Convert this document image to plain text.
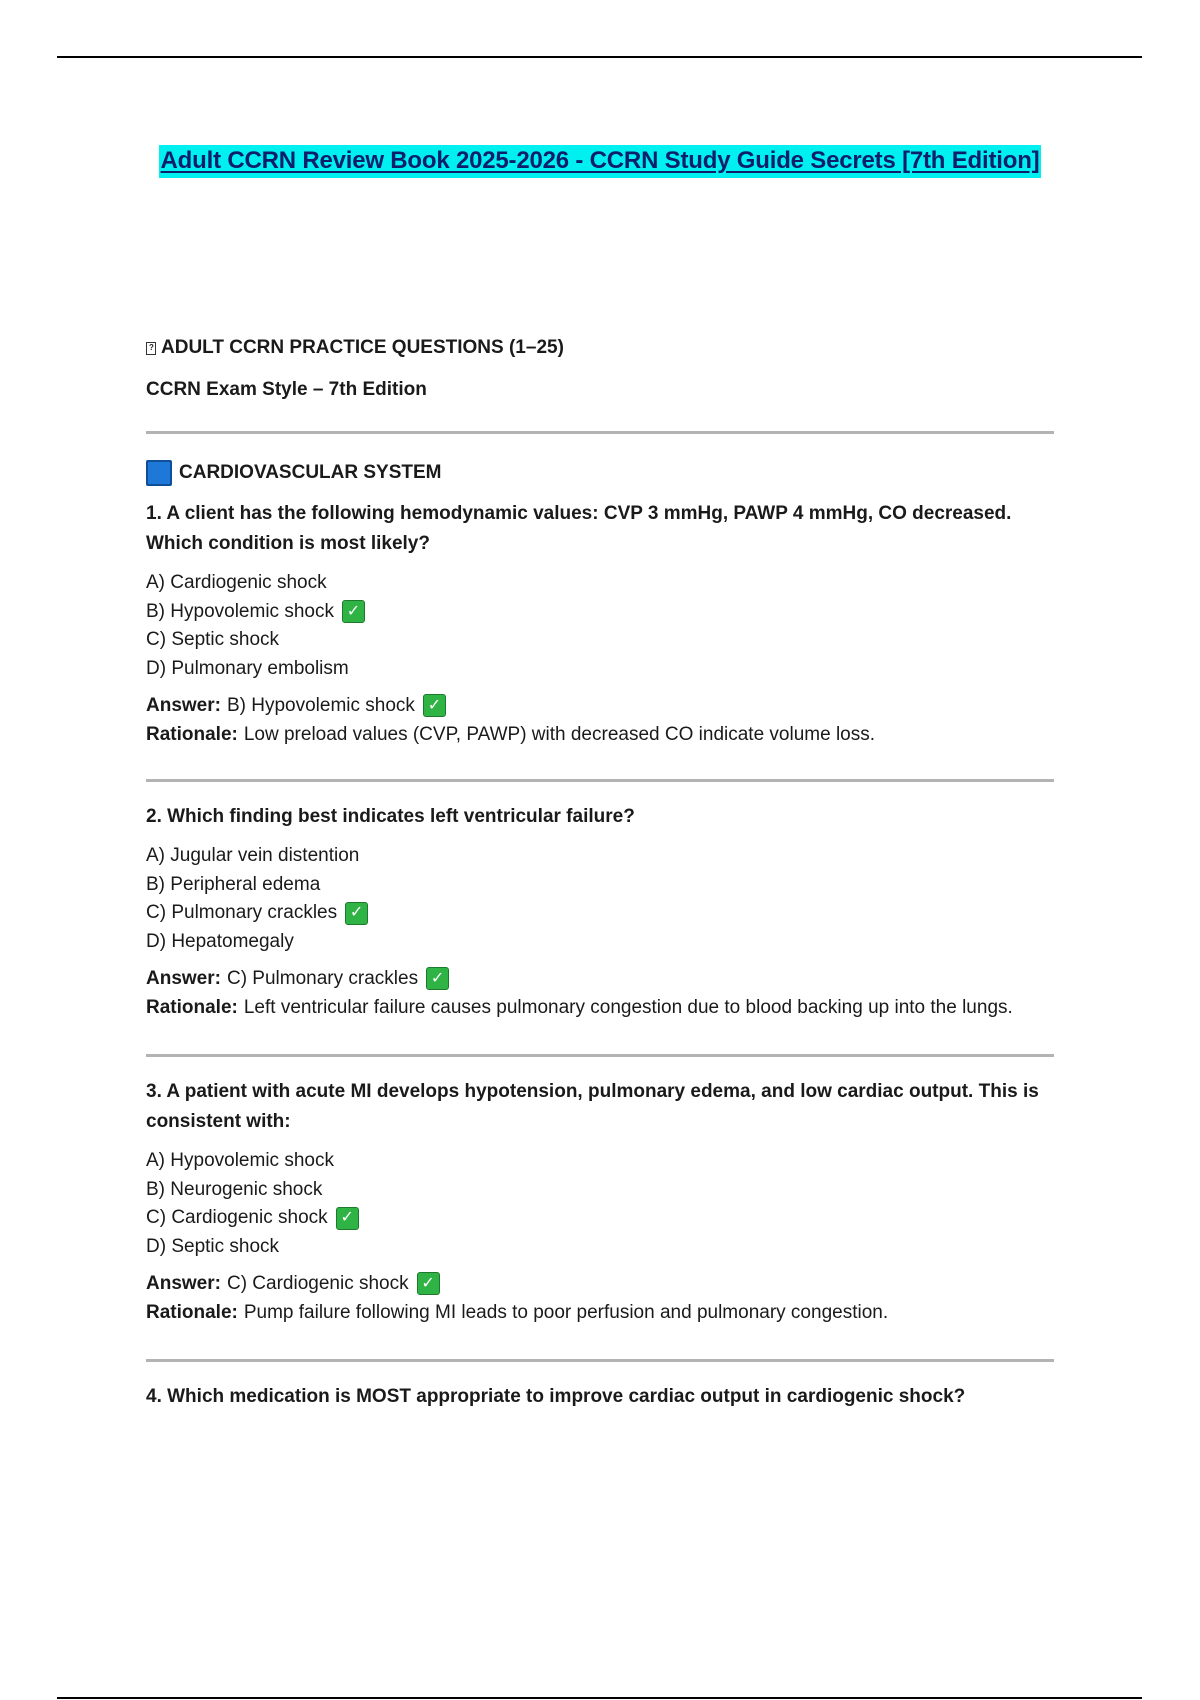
Adult CCRN Review Book 2025-2026 - CCRN Study Guide Secrets [7th Edition]
?
ADULT CCRN PRACTICE QUESTIONS (1–25)
CCRN Exam Style – 7th Edition
CARDIOVASCULAR SYSTEM
1. A client has the following hemodynamic values: CVP 3 mmHg, PAWP 4 mmHg, CO decreased. Which condition is most likely?
A) Cardiogenic shock
B) Hypovolemic shock ✓
C) Septic shock
D) Pulmonary embolism
Answer: B) Hypovolemic shock ✓
Rationale: Low preload values (CVP, PAWP) with decreased CO indicate volume loss.
2. Which finding best indicates left ventricular failure?
A) Jugular vein distention
B) Peripheral edema
C) Pulmonary crackles ✓
D) Hepatomegaly
Answer: C) Pulmonary crackles ✓
Rationale: Left ventricular failure causes pulmonary congestion due to blood backing up into the lungs.
3. A patient with acute MI develops hypotension, pulmonary edema, and low cardiac output. This is consistent with:
A) Hypovolemic shock
B) Neurogenic shock
C) Cardiogenic shock ✓
D) Septic shock
Answer: C) Cardiogenic shock ✓
Rationale: Pump failure following MI leads to poor perfusion and pulmonary congestion.
4. Which medication is MOST appropriate to improve cardiac output in cardiogenic shock?
